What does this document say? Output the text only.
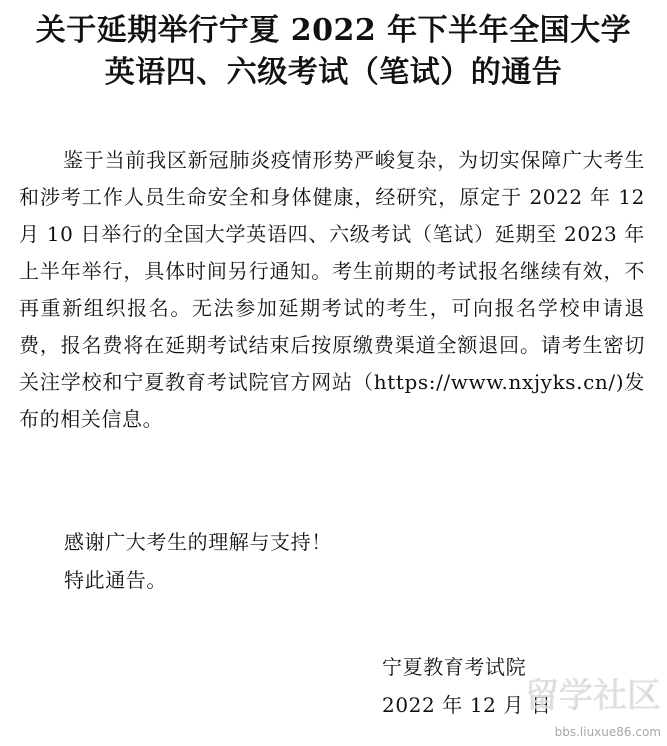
关于延期举行宁夏 2022 年下半年全国大学
英语四、六级考试（笔试）的通告

鉴于当前我区新冠肺炎疫情形势严峻复杂，为切实保障广大考生和涉考工作人员生命安全和身体健康，经研究，原定于 2022 年 12 月 10 日举行的全国大学英语四、六级考试（笔试）延期至 2023 年上半年举行，具体时间另行通知。考生前期的考试报名继续有效，不再重新组织报名。无法参加延期考试的考生，可向报名学校申请退费，报名费将在延期考试结束后按原缴费渠道全额退回。请考生密切关注学校和宁夏教育考试院官方网站（https://www.nxjyks.cn/)发布的相关信息。

感谢广大考生的理解与支持！
特此通告。
宁夏教育考试院
2022 年 12 月 日
留学社区
bbs.liuxue86.com
